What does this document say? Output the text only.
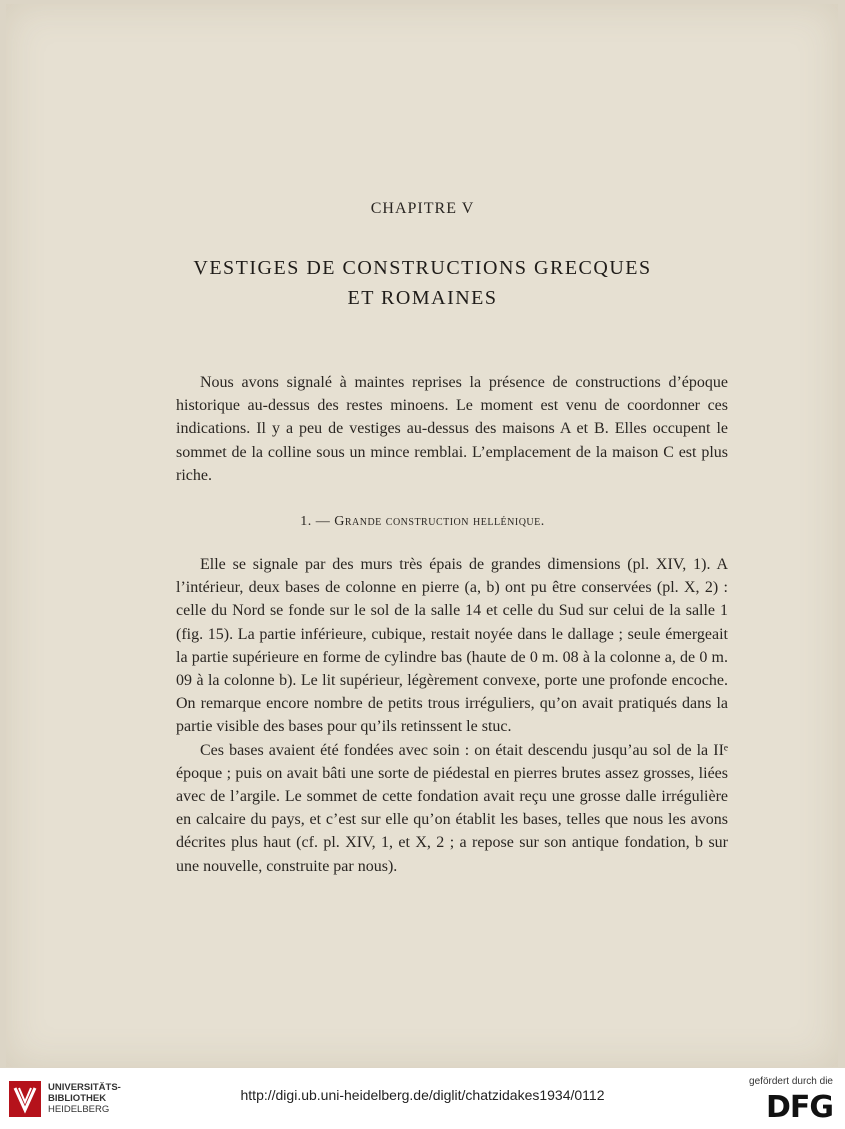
CHAPITRE V
VESTIGES DE CONSTRUCTIONS GRECQUES
ET ROMAINES

Nous avons signalé à maintes reprises la présence de constructions d’époque historique au-dessus des restes minoens. Le moment est venu de coordonner ces indications. Il y a peu de vestiges au-dessus des maisons A et B. Elles occupent le sommet de la colline sous un mince remblai. L’emplacement de la maison C est plus riche.

1. — Grande construction hellénique.

Elle se signale par des murs très épais de grandes dimensions (pl. XIV, 1). A l’intérieur, deux bases de colonne en pierre (a, b) ont pu être conservées (pl. X, 2) : celle du Nord se fonde sur le sol de la salle 14 et celle du Sud sur celui de la salle 1 (fig. 15). La partie inférieure, cubique, restait noyée dans le dallage ; seule émergeait la partie supérieure en forme de cylindre bas (haute de 0 m. 08 à la colonne a, de 0 m. 09 à la colonne b). Le lit supérieur, légèrement convexe, porte une profonde encoche. On remarque encore nombre de petits trous irréguliers, qu’on avait pratiqués dans la partie visible des bases pour qu’ils retinssent le stuc.

Ces bases avaient été fondées avec soin : on était descendu jusqu’au sol de la IIᵉ époque ; puis on avait bâti une sorte de piédestal en pierres brutes assez grosses, liées avec de l’argile. Le sommet de cette fondation avait reçu une grosse dalle irrégulière en calcaire du pays, et c’est sur elle qu’on établit les bases, telles que nous les avons décrites plus haut (cf. pl. XIV, 1, et X, 2 ; a repose sur son antique fondation, b sur une nouvelle, construite par nous).

UNIVERSITÄTS-
BIBLIOTHEK
HEIDELBERG
http://digi.ub.uni-heidelberg.de/diglit/chatzidakes1934/0112
gefördert durch die
DFG
